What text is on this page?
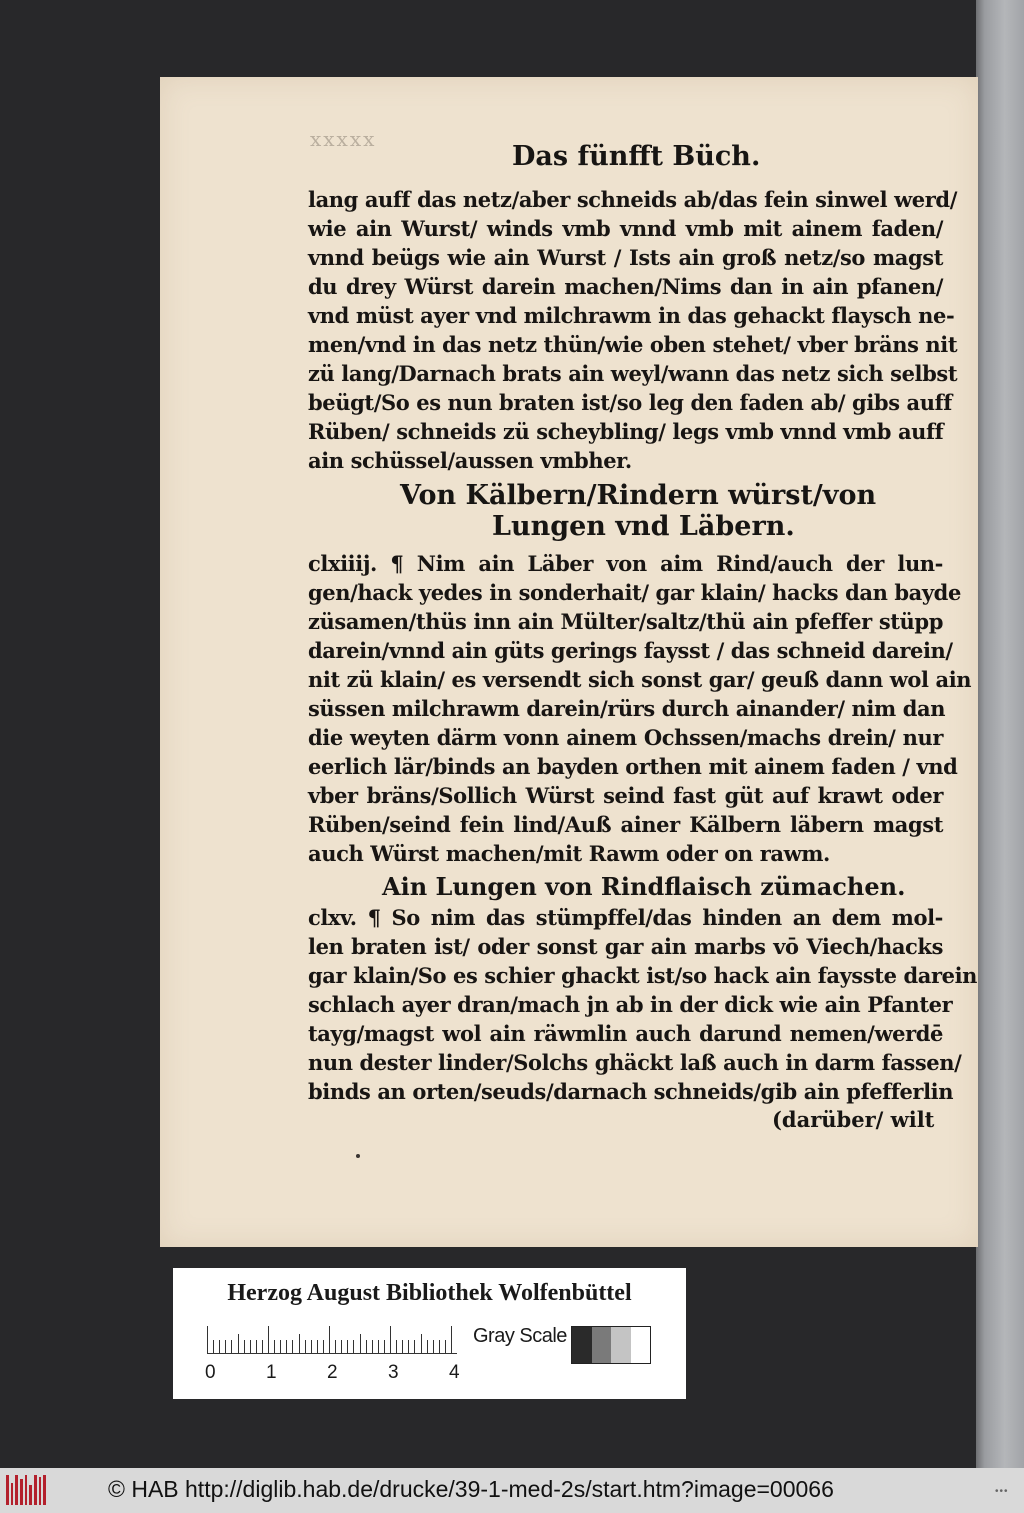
ⅹⅹⅹⅹⅹ
Das fünfft Büch.
lang auff das netz/aber schneids ab/das fein sinwel werd/
wie ain Wurst/ winds vmb vnnd vmb mit ainem faden/
vnnd beügs wie ain Wurst / Ists ain groß netz/so magst
du drey Würst darein machen/Nims dan in ain pfanen/
vnd müst ayer vnd milchrawm in das gehackt flaysch ne-
men/vnd in das netz thün/wie oben stehet/ vber bräns nit
zü lang/Darnach brats ain weyl/wann das netz sich selbst
beügt/So es nun braten ist/so leg den faden ab/ gibs auff
Rüben/ schneids zü scheybling/ legs vmb vnnd vmb auff
ain schüssel/aussen vmbher.
Von Kälbern/Rindern würst/von
Lungen vnd Läbern.
clxiiij. ¶ Nim ain Läber von aim Rind/auch der lun-
gen/hack yedes in sonderhait/ gar klain/ hacks dan bayde
züsamen/thüs inn ain Mülter/saltz/thü ain pfeffer stüpp
darein/vnnd ain güts gerings faysst / das schneid darein/
nit zü klain/ es versendt sich sonst gar/ geuß dann wol ain
süssen milchrawm darein/rürs durch ainander/ nim dan
die weyten därm vonn ainem Ochssen/machs drein/ nur
eerlich lär/binds an bayden orthen mit ainem faden / vnd
vber bräns/Sollich Würst seind fast güt auf krawt oder
Rüben/seind fein lind/Auß ainer Kälbern läbern magst
auch Würst machen/mit Rawm oder on rawm.
Ain Lungen von Rindflaisch zümachen.
clxv. ¶ So nim das stümpffel/das hinden an dem mol-
len braten ist/ oder sonst gar ain marbs vō Viech/hacks
gar klain/So es schier ghackt ist/so hack ain faysste darein
schlach ayer dran/mach jn ab in der dick wie ain Pfanter
tayg/magst wol ain räwmlin auch darund nemen/werdē
nun dester linder/Solchs ghäckt laß auch in darm fassen/
binds an orten/seuds/darnach schneids/gib ain pfefferlin
(darüber/ wilt
Herzog August Bibliothek Wolfenbüttel
0	1	2	3	4
Gray Scale
© HAB http://diglib.hab.de/drucke/39-1-med-2s/start.htm?image=00066	•••
